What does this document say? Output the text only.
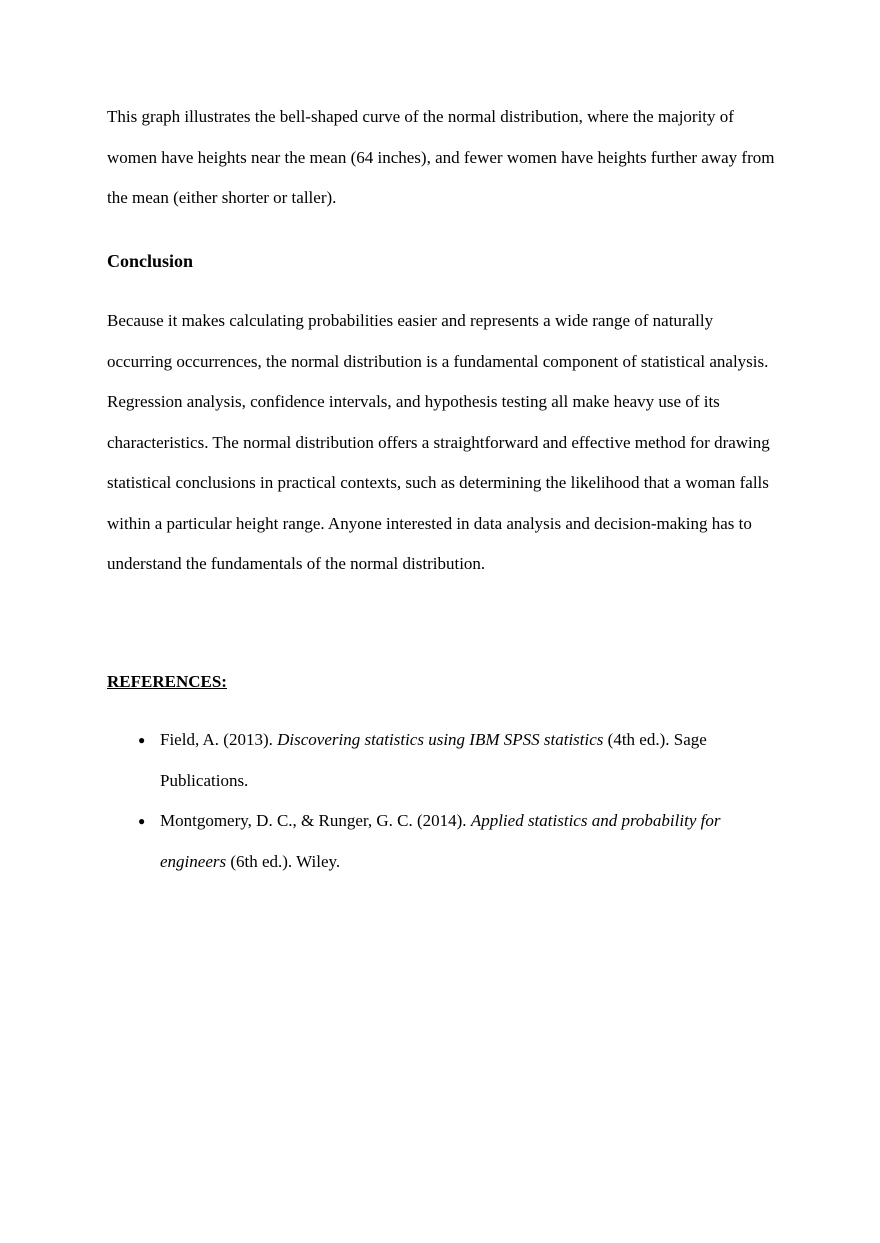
This graph illustrates the bell-shaped curve of the normal distribution, where the majority of women have heights near the mean (64 inches), and fewer women have heights further away from the mean (either shorter or taller).

Conclusion

Because it makes calculating probabilities easier and represents a wide range of naturally occurring occurrences, the normal distribution is a fundamental component of statistical analysis. Regression analysis, confidence intervals, and hypothesis testing all make heavy use of its characteristics. The normal distribution offers a straightforward and effective method for drawing statistical conclusions in practical contexts, such as determining the likelihood that a woman falls within a particular height range. Anyone interested in data analysis and decision-making has to understand the fundamentals of the normal distribution.

REFERENCES:
● Field, A. (2013). Discovering statistics using IBM SPSS statistics (4th ed.). Sage Publications.
● Montgomery, D. C., & Runger, G. C. (2014). Applied statistics and probability for engineers (6th ed.). Wiley.
